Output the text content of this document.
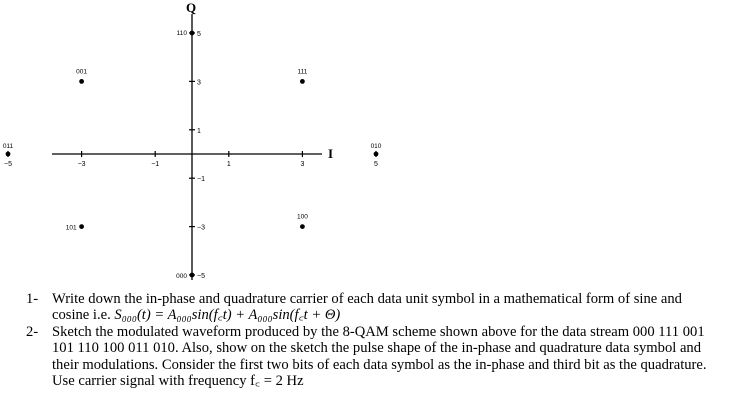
Q
I
−5	−3	−1	1	3	5
5
3
1
−1
−3
−5
110
001	111
011	010
101
100
000
1- Write down the in-phase and quadrature carrier of each data unit symbol in a mathematical form of sine and cosine i.e. S₀₀₀(t) = A₀₀₀sin(f꜀t) + A₀₀₀sin(f꜀t + Θ)
2- Sketch the modulated waveform produced by the 8-QAM scheme shown above for the data stream 000 111 001 101 110 100 011 010. Also, show on the sketch the pulse shape of the in-phase and quadrature data symbol and their modulations. Consider the first two bits of each data symbol as the in-phase and third bit as the quadrature. Use carrier signal with frequency f꜀ = 2 Hz
